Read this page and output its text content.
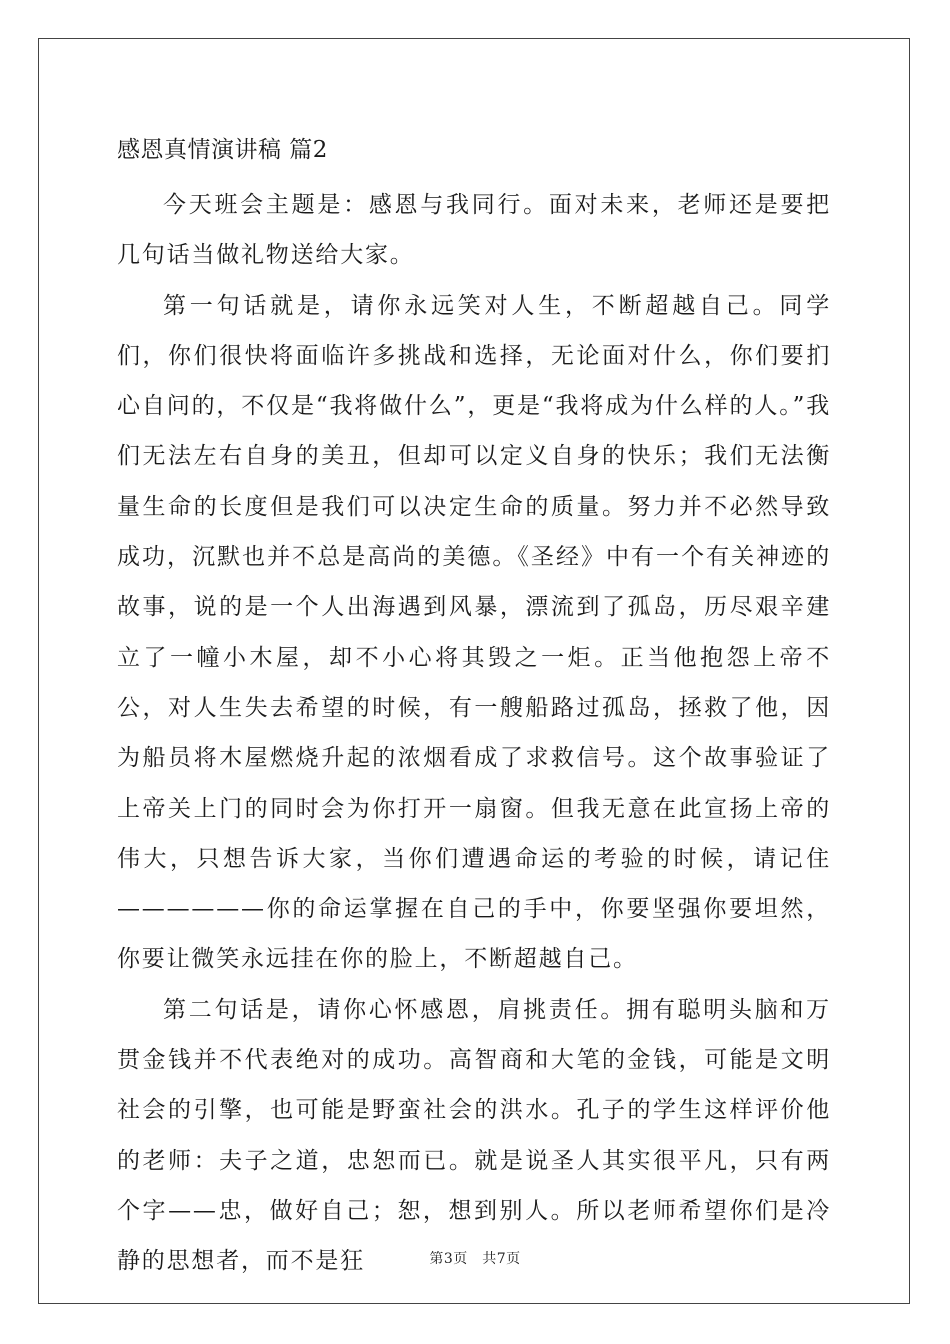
感恩真情演讲稿 篇2

今天班会主题是：感恩与我同行。面对未来，老师还是要把几句话当做礼物送给大家。

第一句话就是，请你永远笑对人生，不断超越自己。同学们，你们很快将面临许多挑战和选择，无论面对什么，你们要扪心自问的，不仅是“我将做什么”，更是“我将成为什么样的人。”我们无法左右自身的美丑，但却可以定义自身的快乐；我们无法衡量生命的长度但是我们可以决定生命的质量。努力并不必然导致成功，沉默也并不总是高尚的美德。《圣经》中有一个有关神迹的故事，说的是一个人出海遇到风暴，漂流到了孤岛，历尽艰辛建立了一幢小木屋，却不小心将其毁之一炬。正当他抱怨上帝不公，对人生失去希望的时候，有一艘船路过孤岛，拯救了他，因为船员将木屋燃烧升起的浓烟看成了求救信号。这个故事验证了上帝关上门的同时会为你打开一扇窗。但我无意在此宣扬上帝的伟大，只想告诉大家，当你们遭遇命运的考验的时候，请记住——————你的命运掌握在自己的手中，你要坚强你要坦然，你要让微笑永远挂在你的脸上，不断超越自己。

第二句话是，请你心怀感恩，肩挑责任。拥有聪明头脑和万贯金钱并不代表绝对的成功。高智商和大笔的金钱，可能是文明社会的引擎，也可能是野蛮社会的洪水。孔子的学生这样评价他的老师：夫子之道，忠恕而已。就是说圣人其实很平凡，只有两个字——忠，做好自己；恕，想到别人。所以老师希望你们是冷静的思想者，而不是狂	第3页　共7页
